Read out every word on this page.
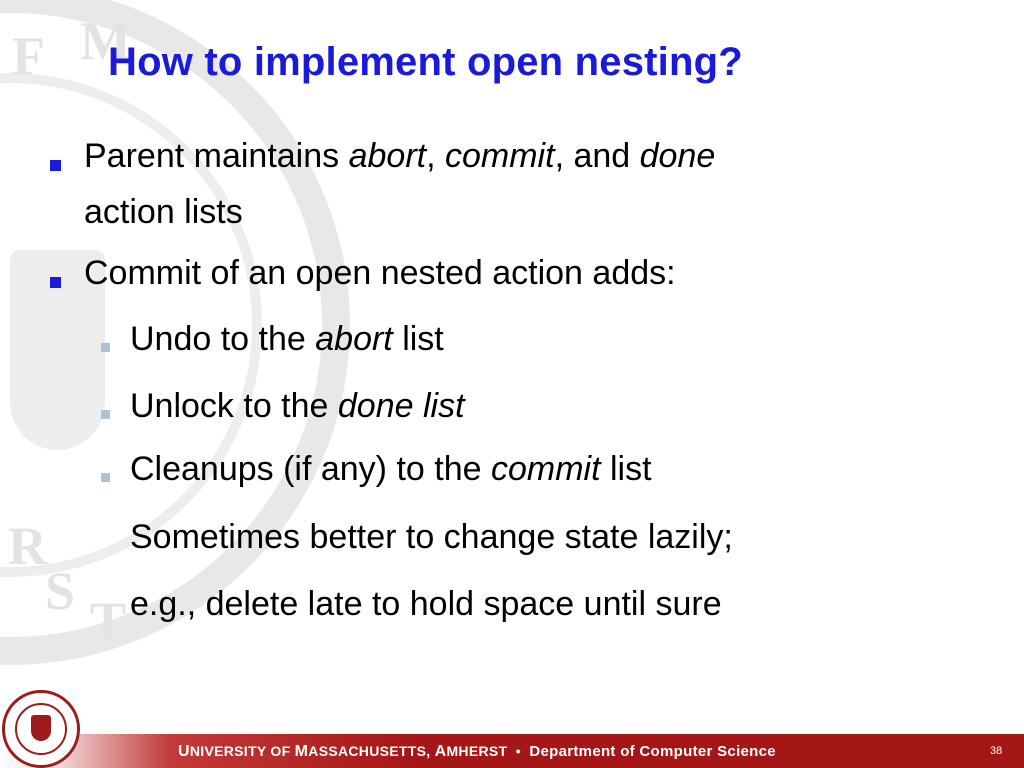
F M
R
S T
How to implement open nesting?
Parent maintains abort, commit, and done
action lists
Commit of an open nested action adds:
Undo to the abort list
Unlock to the done list
Cleanups (if any) to the commit list
Sometimes better to change state lazily;
e.g., delete late to hold space until sure
UNIVERSITY OF MASSACHUSETTS, AMHERST • Department of Computer Science	38
